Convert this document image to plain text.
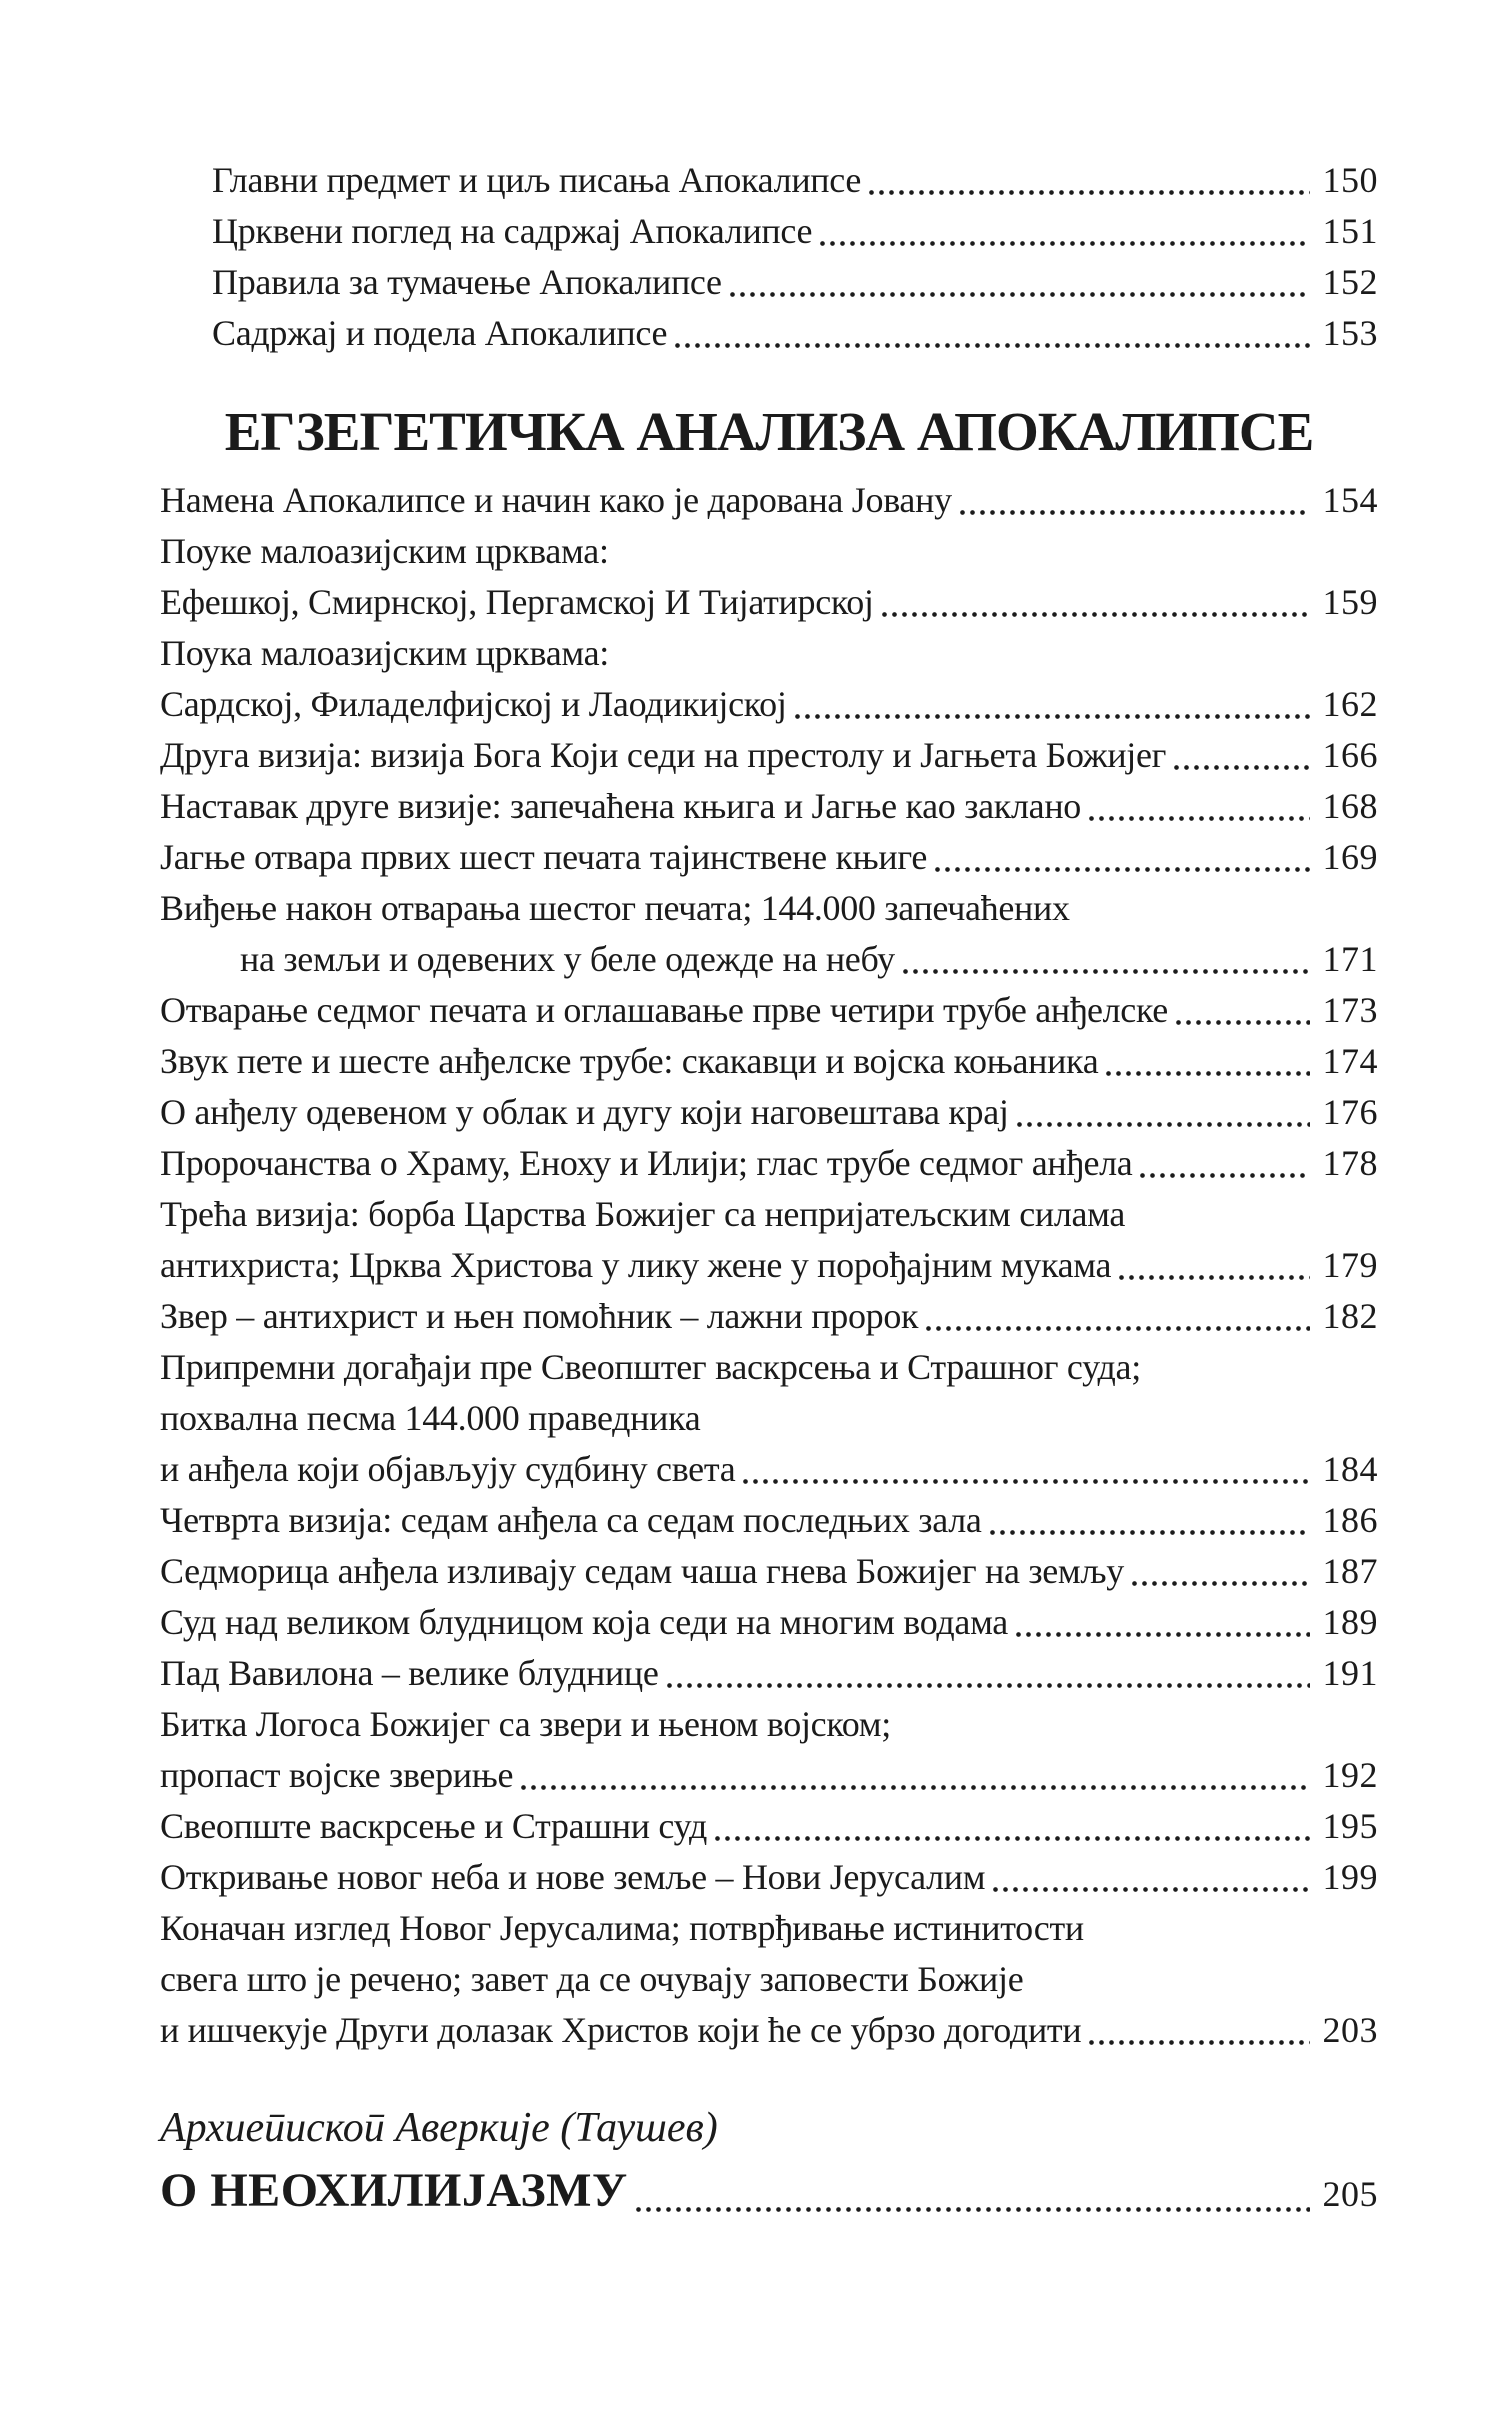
Главни предмет и циљ писања Апокалипсе	150
Црквени поглед на садржај Апокалипсе	151
Правила за тумачење Апокалипсе	152
Садржај и подела Апокалипсе	153
ЕГЗЕГЕТИЧКА АНАЛИЗА АПОКАЛИПСЕ
Намена Апокалипсе и начин како је дарована Јовану	154
Поуке малоазијским црквама:
Ефешкој, Смирнској, Пергамској И Тијатирској	159
Поука малоазијским црквама:
Сардској, Филаделфијској и Лаодикијској	162
Друга визија: визија Бога Који седи на престолу и Јагњета Божијег	166
Наставак друге визије: запечаћена књига и Јагње као заклано	168
Јагње отвара првих шест печата тајинствене књиге	169
Виђење након отварања шестог печата; 144.000 запечаћених
на земљи и одевених у беле одежде на небу	171
Отварање седмог печата и оглашавање прве четири трубе анђелске	173
Звук пете и шесте анђелске трубе: скакавци и војска коњаника	174
О анђелу одевеном у облак и дугу који наговештава крај	176
Пророчанства о Храму, Еноху и Илији; глас трубе седмог анђела	178
Трећа визија: борба Царства Божијег са непријатељским силама
антихриста; Црква Христова у лику жене у порођајним мукама	179
Звер – антихрист и њен помоћник – лажни пророк	182
Припремни догађаји пре Свеопштег васкрсења и Страшног суда;
похвална песма 144.000 праведника
и анђела који објављују судбину света	184
Четврта визија: седам анђела са седам последњих зала	186
Седморица анђела изливају седам чаша гнева Божијег на земљу	187
Суд над великом блудницом која седи на многим водама	189
Пад Вавилона – велике блуднице	191
Битка Логоса Божијег са звери и њеном војском;
пропаст војске звериње	192
Свеопште васкрсење и Страшни суд	195
Откривање новог неба и нове земље – Нови Јерусалим	199
Коначан изглед Новог Јерусалима; потврђивање истинитости
свега што је речено; завет да се очувају заповести Божије
и ишчекује Други долазак Христов који ће се убрзо догодити	203
Архиепископ Аверкије (Таушев)
О НЕОХИЛИЈАЗМУ	205
